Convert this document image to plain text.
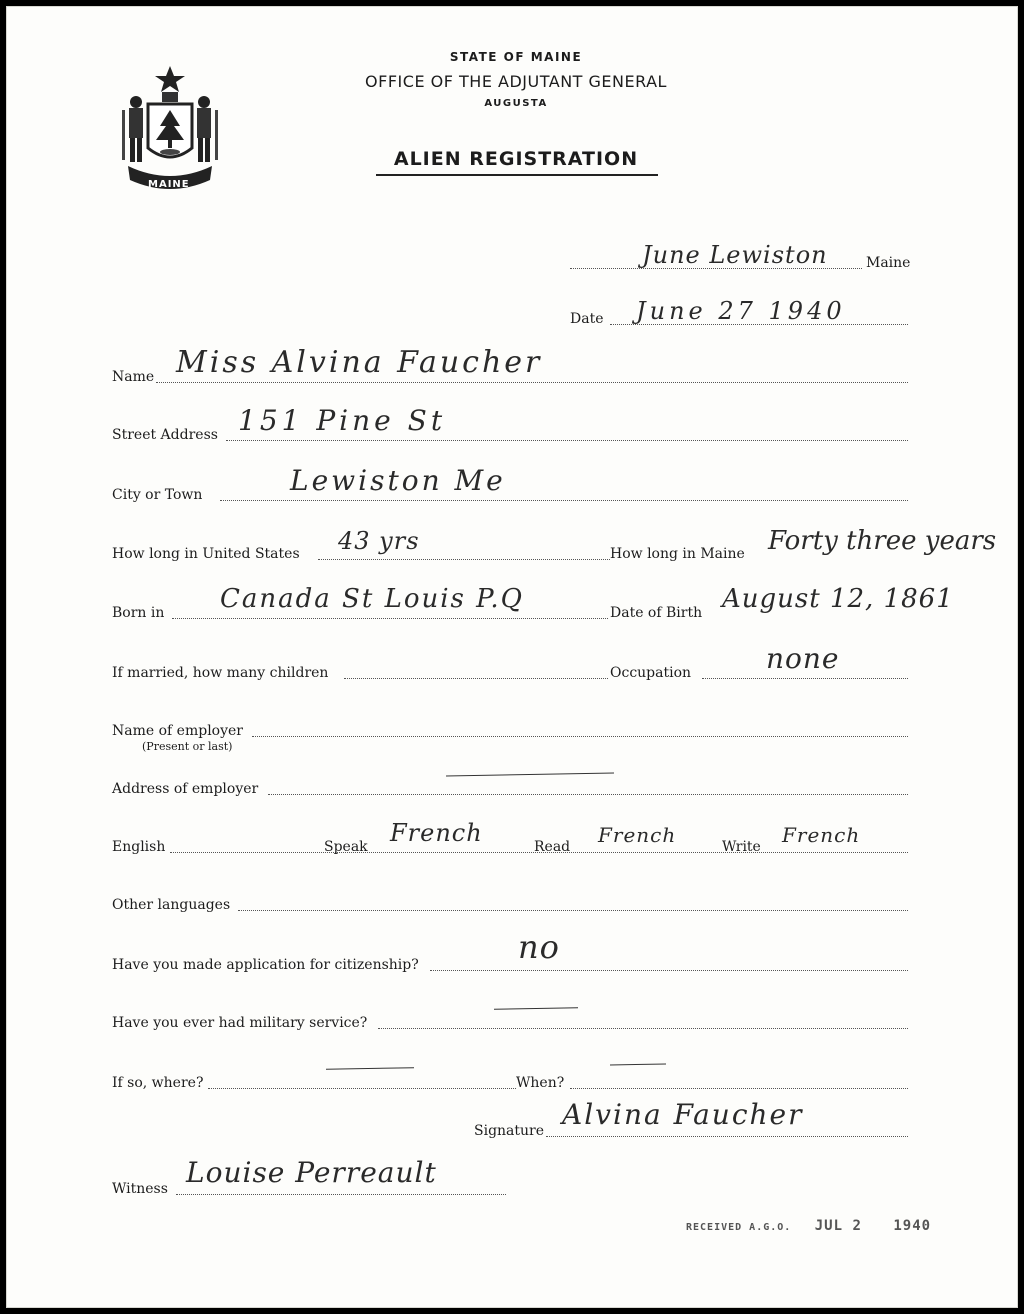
MAINE
STATE OF MAINE
OFFICE OF THE ADJUTANT GENERAL
AUGUSTA
ALIEN REGISTRATION
June Lewiston	Maine
Date June 27 1940
Name Miss Alvina Faucher
Street Address 151 Pine St
City or Town	Lewiston Me
How long in United States 43 yrs	How long in Maine Forty three years
Born in Canada St Louis P.Q	Date of Birth August 12, 1861
If married, how many children	Occupation	none
Name of employer
(Present or last)
Address of employer
English	Speak French	Read French	Write French
Other languages
Have you made application for citizenship?	no
Have you ever had military service?
If so, where?	When?
Signature Alvina Faucher
Witness Louise Perreault
RECEIVED A.G.O. JUL 2 1940
